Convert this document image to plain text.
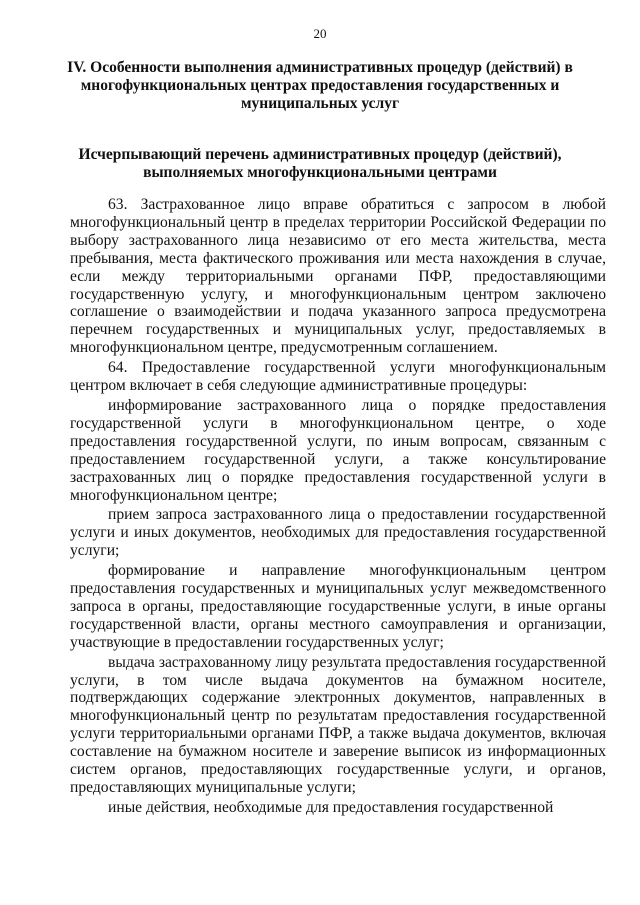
20
IV. Особенности выполнения административных процедур (действий) в многофункциональных центрах предоставления государственных и муниципальных услуг
Исчерпывающий перечень административных процедур (действий), выполняемых многофункциональными центрами

63. Застрахованное лицо вправе обратиться с запросом в любой многофункциональный центр в пределах территории Российской Федерации по выбору застрахованного лица независимо от его места жительства, места пребывания, места фактического проживания или места нахождения в случае, если между территориальными органами ПФР, предоставляющими государственную услугу, и многофункциональным центром заключено соглашение о взаимодействии и подача указанного запроса предусмотрена перечнем государственных и муниципальных услуг, предоставляемых в многофункциональном центре, предусмотренным соглашением.

64. Предоставление государственной услуги многофункциональным центром включает в себя следующие административные процедуры:

информирование застрахованного лица о порядке предоставления государственной услуги в многофункциональном центре, о ходе предоставления государственной услуги, по иным вопросам, связанным с предоставлением государственной услуги, а также консультирование застрахованных лиц о порядке предоставления государственной услуги в многофункциональном центре;

прием запроса застрахованного лица о предоставлении государственной услуги и иных документов, необходимых для предоставления государственной услуги;

формирование и направление многофункциональным центром предоставления государственных и муниципальных услуг межведомственного запроса в органы, предоставляющие государственные услуги, в иные органы государственной власти, органы местного самоуправления и организации, участвующие в предоставлении государственных услуг;

выдача застрахованному лицу результата предоставления государственной услуги, в том числе выдача документов на бумажном носителе, подтверждающих содержание электронных документов, направленных в многофункциональный центр по результатам предоставления государственной услуги территориальными органами ПФР, а также выдача документов, включая составление на бумажном носителе и заверение выписок из информационных систем органов, предоставляющих государственные услуги, и органов, предоставляющих муниципальные услуги;

иные действия, необходимые для предоставления государственной
